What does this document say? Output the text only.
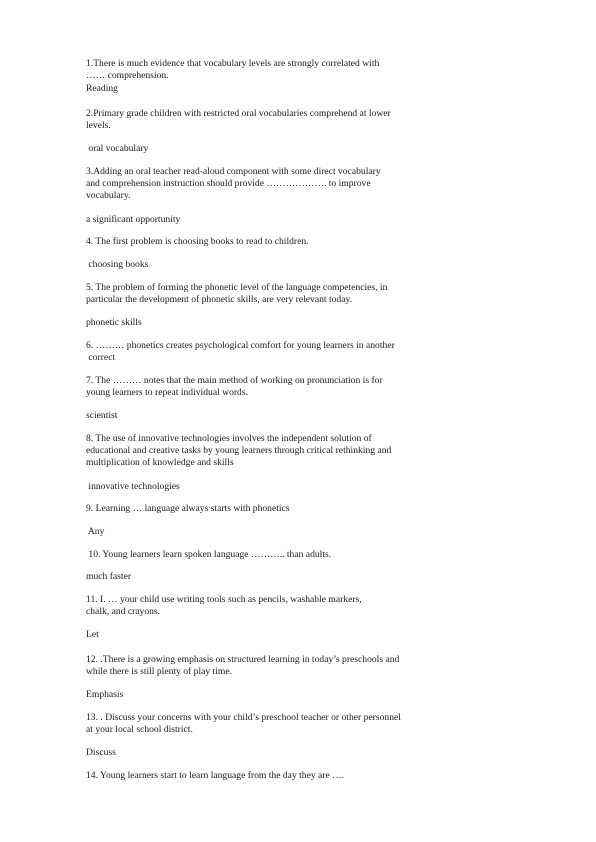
1.There is much evidence that vocabulary levels are strongly correlated with
…… comprehension.

Reading

2.Primary grade children with restricted oral vocabularies comprehend at lower
levels.

oral vocabulary

3.Adding an oral teacher read-aloud component with some direct vocabulary
and comprehension instruction should provide ………………. to improve
vocabulary.

a significant opportunity

4. The first problem is choosing books to read to children.

choosing books

5. The problem of forming the phonetic level of the language competencies, in
particular the development of phonetic skills, are very relevant today.

phonetic skills

6. ……… phonetics creates psychological comfort for young learners in another
correct

7. The ……… notes that the main method of working on pronunciation is for
young learners to repeat individual words.

scientist

8. The use of innovative technologies involves the independent solution of
educational and creative tasks by young learners through critical rethinking and
multiplication of knowledge and skills

innovative technologies

9. Learning … language always starts with phonetics

Any

10. Young learners learn spoken language ……….. than adults.

much faster

11. I. … your child use writing tools such as pencils, washable markers,
chalk, and crayons.

Let

12. .There is a growing emphasis on structured learning in today’s preschools and
while there is still plenty of play time.

Emphasis

13. . Discuss your concerns with your child’s preschool teacher or other personnel
at your local school district.

Discuss

14. Young learners start to learn language from the day they are ….
